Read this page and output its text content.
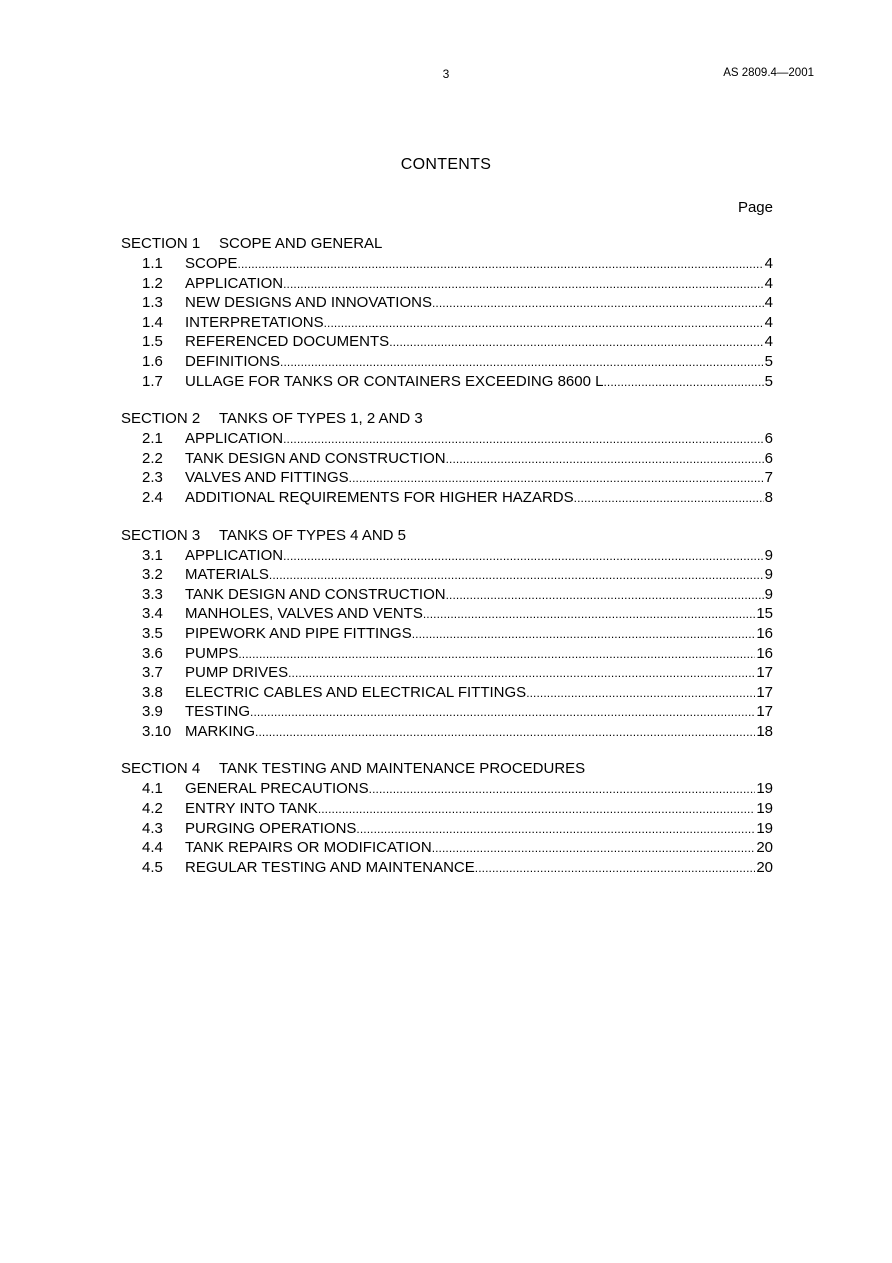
3	AS 2809.4—2001
CONTENTS
Page
SECTION 1 SCOPE AND GENERAL
1.1	SCOPE .....	4
1.2	APPLICATION .....	4
1.3	NEW DESIGNS AND INNOVATIONS .....	4
1.4	INTERPRETATIONS .....	4
1.5	REFERENCED DOCUMENTS .....	4
1.6	DEFINITIONS .....	5
1.7	ULLAGE FOR TANKS OR CONTAINERS EXCEEDING 8600 L .....	5
SECTION 2 TANKS OF TYPES 1, 2 AND 3
2.1	APPLICATION .....	6
2.2	TANK DESIGN AND CONSTRUCTION .....	6
2.3	VALVES AND FITTINGS .....	7
2.4	ADDITIONAL REQUIREMENTS FOR HIGHER HAZARDS .....	8
SECTION 3 TANKS OF TYPES 4 AND 5
3.1	APPLICATION .....	9
3.2	MATERIALS .....	9
3.3	TANK DESIGN AND CONSTRUCTION .....	9
3.4	MANHOLES, VALVES AND VENTS .....	15
3.5	PIPEWORK AND PIPE FITTINGS .....	16
3.6	PUMPS .....	16
3.7	PUMP DRIVES .....	17
3.8	ELECTRIC CABLES AND ELECTRICAL FITTINGS .....	17
3.9	TESTING .....	17
3.10 MARKING .....	18
SECTION 4 TANK TESTING AND MAINTENANCE PROCEDURES
4.1	GENERAL PRECAUTIONS .....	19
4.2	ENTRY INTO TANK .....	19
4.3	PURGING OPERATIONS .....	19
4.4	TANK REPAIRS OR MODIFICATION .....	20
4.5	REGULAR TESTING AND MAINTENANCE .....	20
